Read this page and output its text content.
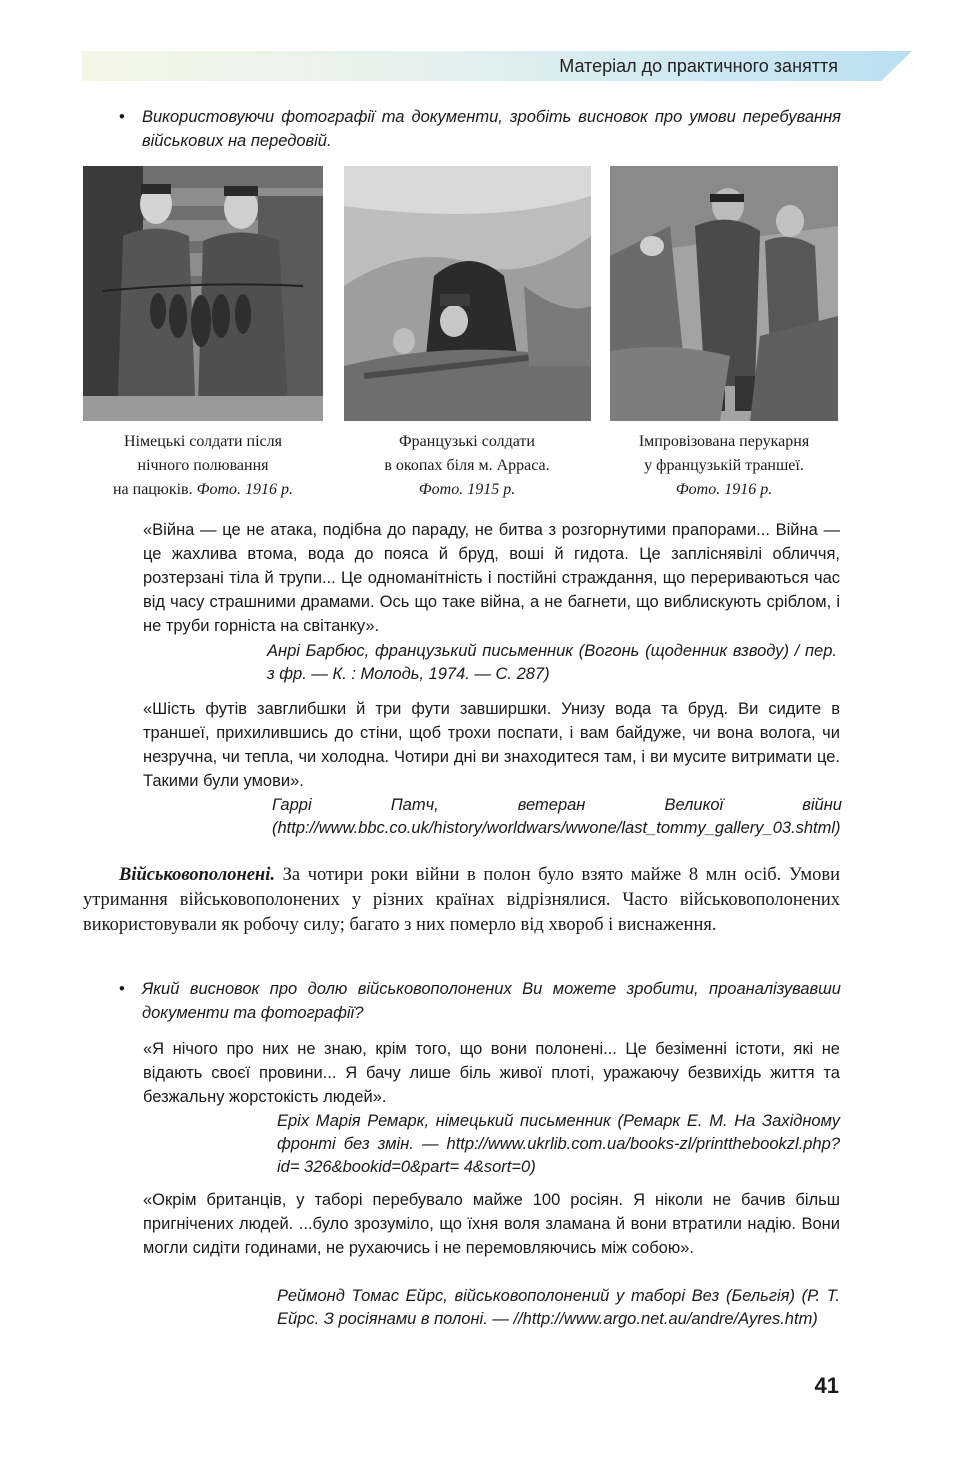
Матеріал до практичного заняття
•	Використовуючи фотографії та документи, зробіть висновок про умови перебування військових на передовій.
Німецькі солдати після
нічного полювання
на пацюків. Фото. 1916 р.
Французькі солдати
в окопах біля м. Арраса.
Фото. 1915 р.
Імпровізована перукарня
у французькій траншеї.
Фото. 1916 р.
«Війна — це не атака, подібна до параду, не битва з розгорнутими прапорами... Війна — це жахлива втома, вода до пояса й бруд, воші й гидота. Це запліснявілі обличчя, розтерзані тіла й трупи... Це одноманітність і постійні страждання, що перериваються час від часу страшними драмами. Ось що таке війна, а не багнети, що виблискують сріблом, і не труби горніста на світанку».
Анрі Барбюс, французький письменник (Вогонь (щоденник взводу) / пер. з фр. — К. : Молодь, 1974. — С. 287)
«Шість футів завглибшки й три фути завширшки. Унизу вода та бруд. Ви сидите в траншеї, прихилившись до стіни, щоб трохи поспати, і вам байдуже, чи вона волога, чи незручна, чи тепла, чи холодна. Чотири дні ви знаходитеся там, і ви мусите витримати це. Такими були умови».
Гаррі Патч, ветеран Великої війни (http://www.bbc.co.uk/history/worldwars/wwone/last_tommy_gallery_03.shtml)
Військовополонені. За чотири роки війни в полон було взято майже 8 млн осіб. Умови утримання військовополонених у різних країнах відрізнялися. Часто військовополонених використовували як робочу силу; багато з них померло від хвороб і виснаження.
•	Який висновок про долю військовополонених Ви можете зробити, проаналізувавши документи та фотографії?
«Я нічого про них не знаю, крім того, що вони полонені... Це безіменні істоти, які не відають своєї провини... Я бачу лише біль живої плоті, уражаючу безвихідь життя та безжальну жорстокість людей».
Еріх Марія Ремарк, німецький письменник (Ремарк Е. М. На Західному фронті без змін. — http://www.ukrlib.com.ua/books-zl/printthebookzl.php?id= 326&bookid=0&part= 4&sort=0)
«Окрім британців, у таборі перебувало майже 100 росіян. Я ніколи не бачив більш пригнічених людей. ...було зрозуміло, що їхня воля зламана й вони втратили надію. Вони могли сидіти годинами, не рухаючись і не перемовляючись між собою».
Реймонд Томас Ейрс, військовополонений у таборі Вез (Бельгія) (Р. Т. Ейрс. З росіянами в полоні. — //http://www.argo.net.au/andre/Ayres.htm)
41
